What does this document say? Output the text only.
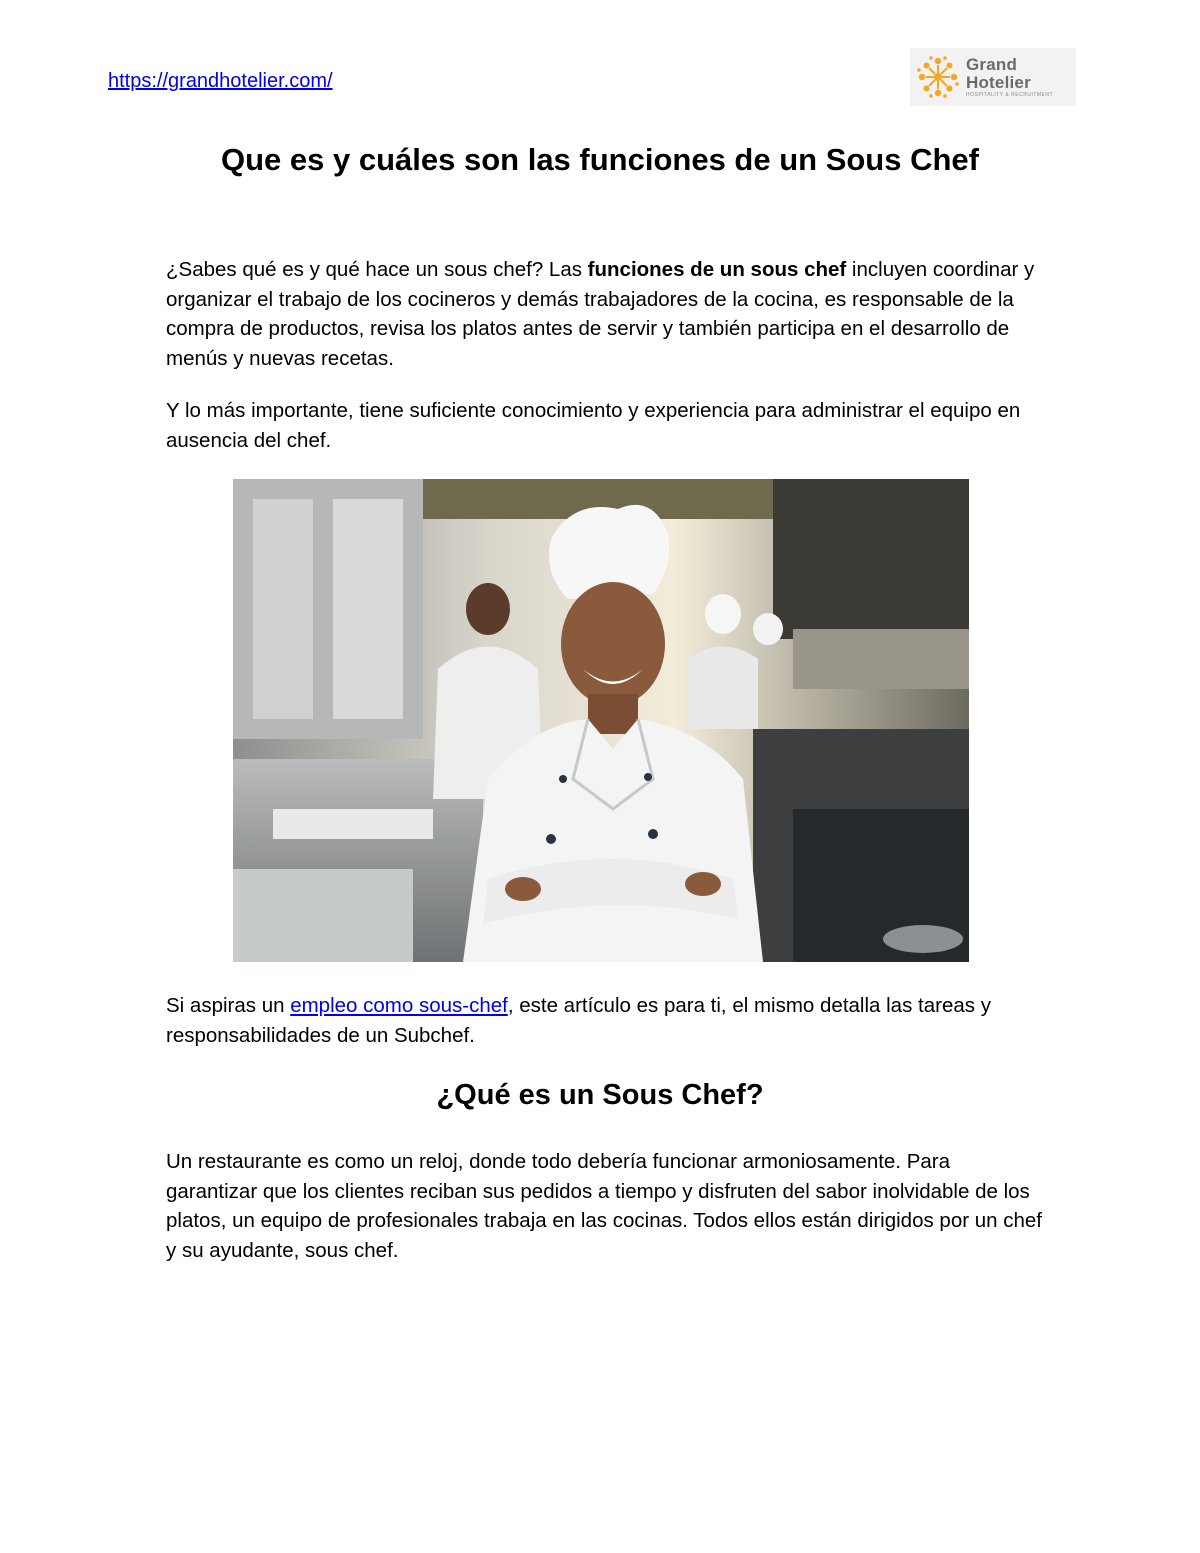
https://grandhotelier.com/
Grand Hotelier
HOSPITALITY & RECRUITMENT
Que es y cuáles son las funciones de un Sous Chef

¿Sabes qué es y qué hace un sous chef? Las funciones de un sous chef incluyen coordinar y organizar el trabajo de los cocineros y demás trabajadores de la cocina, es responsable de la compra de productos, revisa los platos antes de servir y también participa en el desarrollo de menús y nuevas recetas.

Y lo más importante, tiene suficiente conocimiento y experiencia para administrar el equipo en ausencia del chef.

Si aspiras un empleo como sous-chef, este artículo es para ti, el mismo detalla las tareas y responsabilidades de un Subchef.

¿Qué es un Sous Chef?

Un restaurante es como un reloj, donde todo debería funcionar armoniosamente. Para garantizar que los clientes reciban sus pedidos a tiempo y disfruten del sabor inolvidable de los platos, un equipo de profesionales trabaja en las cocinas. Todos ellos están dirigidos por un chef y su ayudante, sous chef.
